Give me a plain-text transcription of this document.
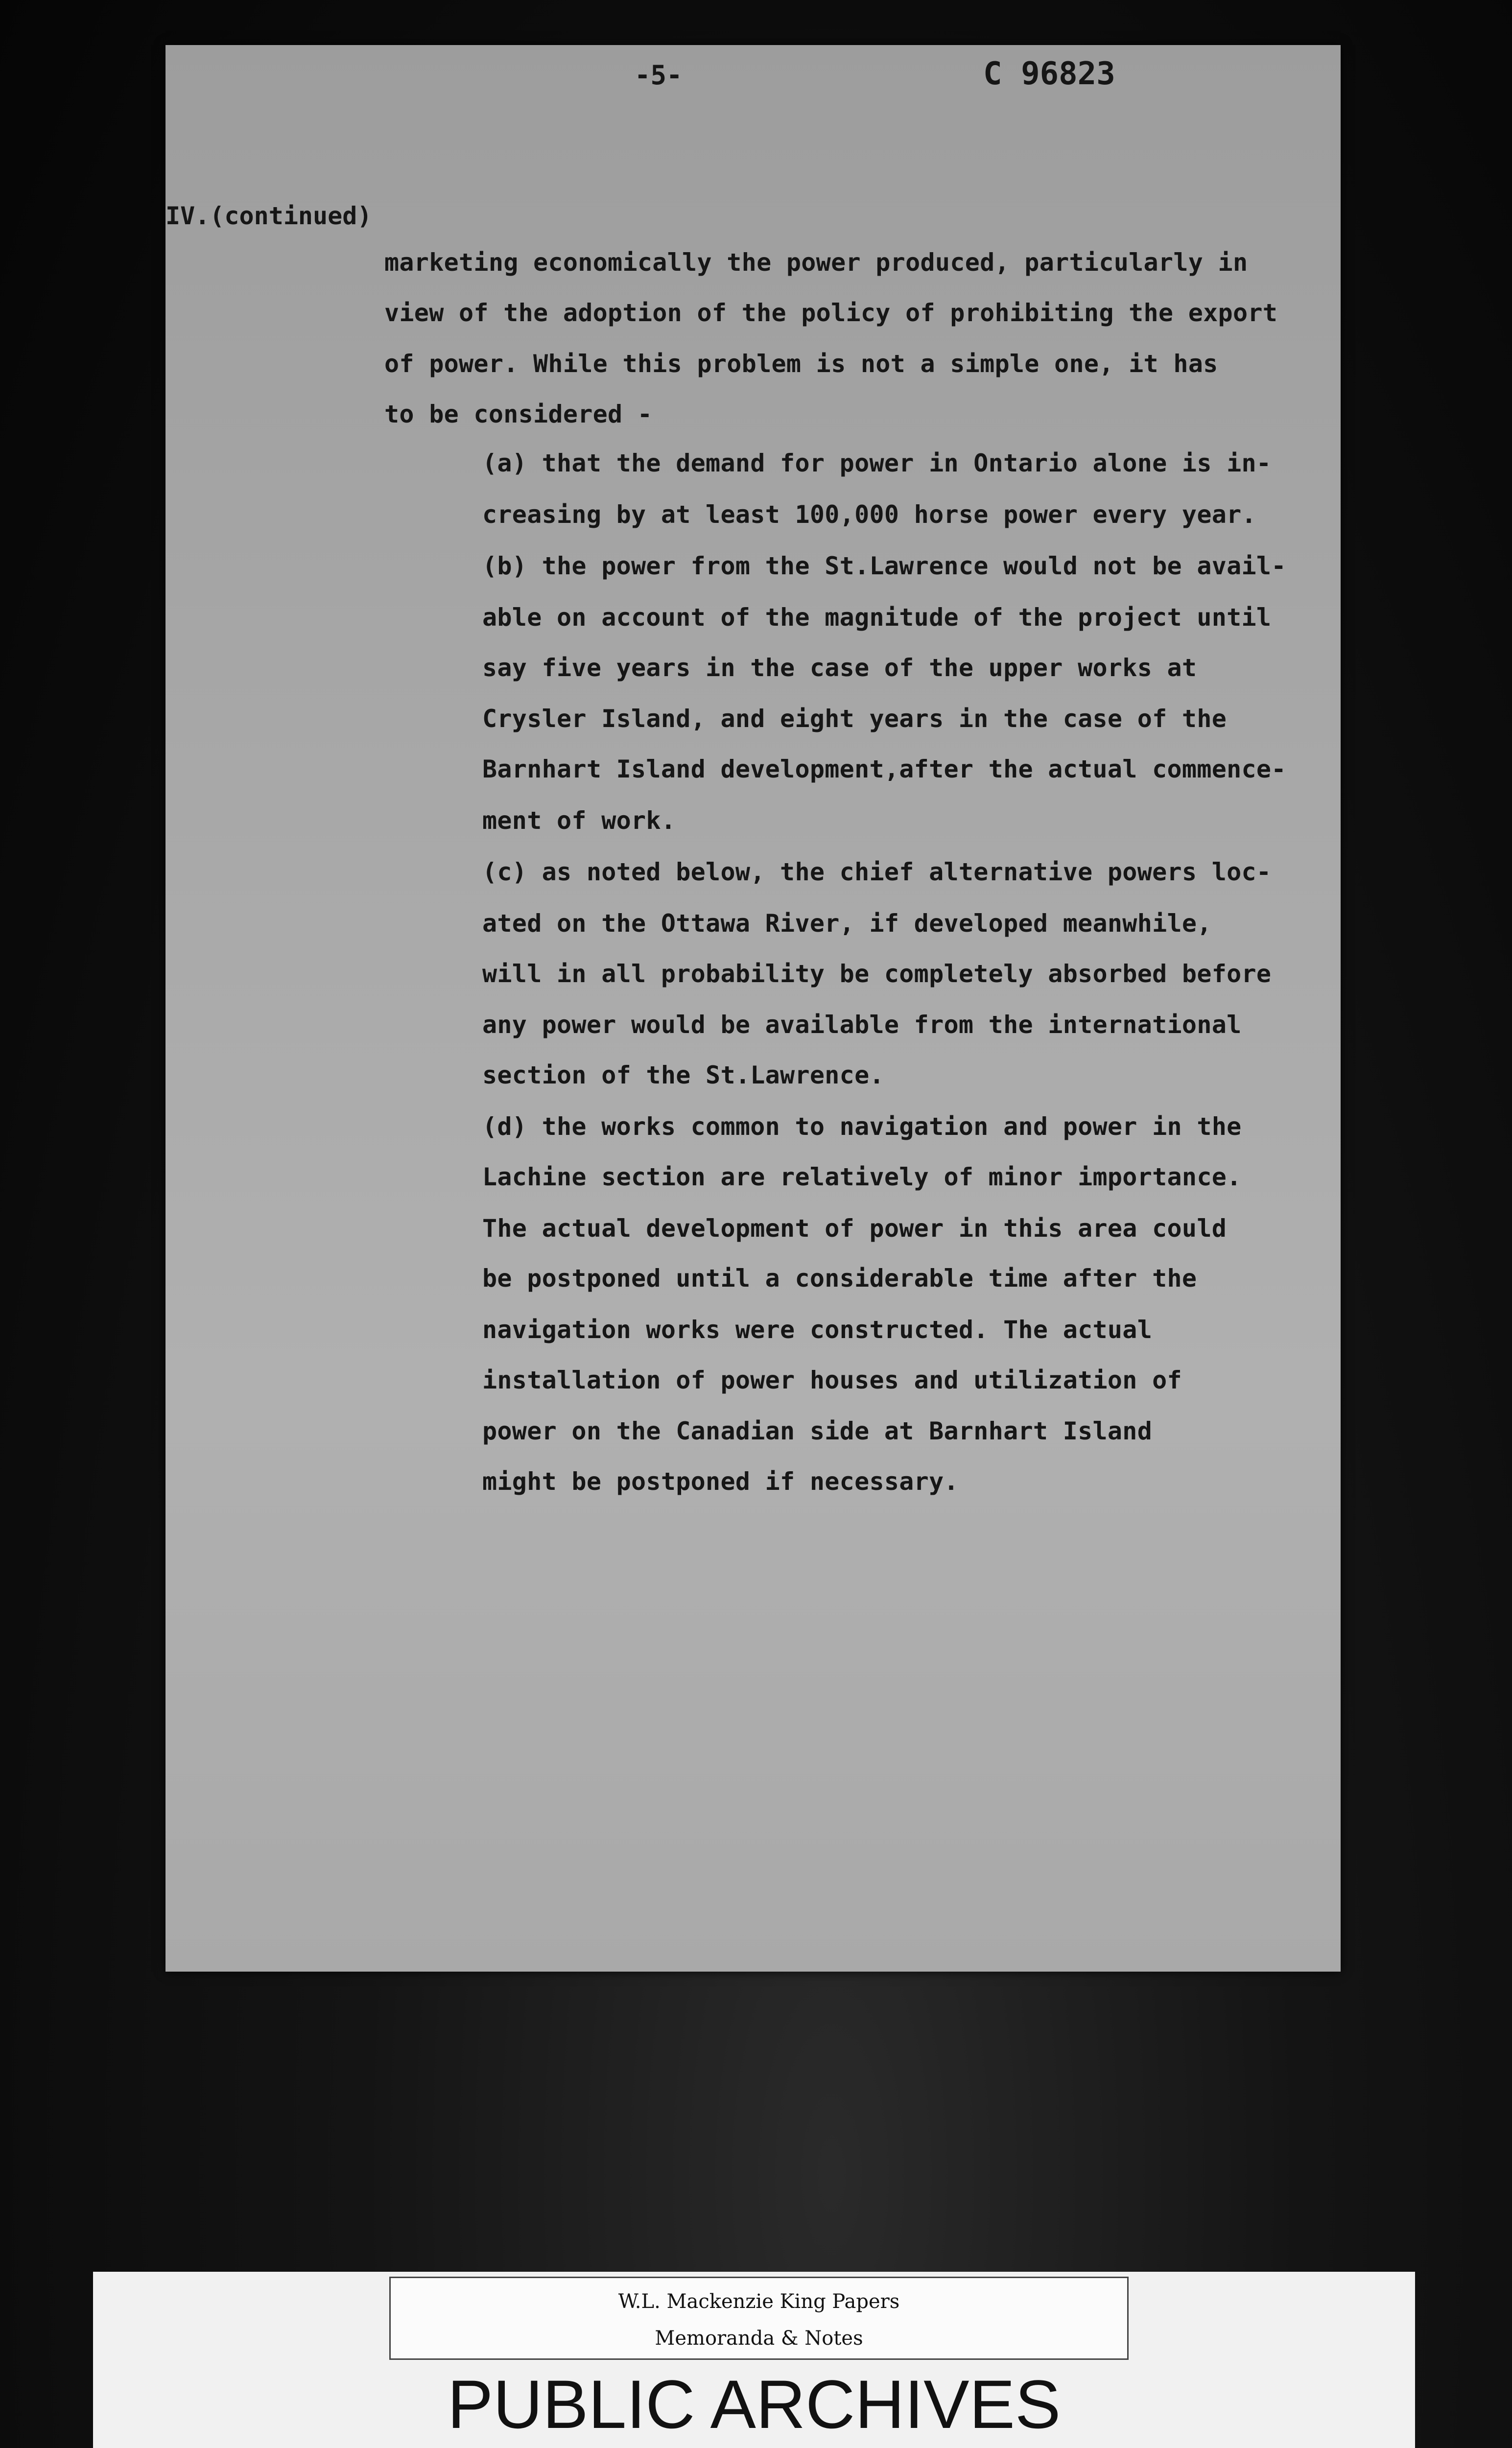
-5-	C 96823
IV.(continued)
marketing economically the power produced, particularly in
view of the adoption of the policy of prohibiting the export
of power. While this problem is not a simple one, it has
to be considered -
(a) that the demand for power in Ontario alone is in-
creasing by at least 100,000 horse power every year.
(b) the power from the St.Lawrence would not be avail-
able on account of the magnitude of the project until
say five years in the case of the upper works at
Crysler Island, and eight years in the case of the
Barnhart Island development,after the actual commence-
ment of work.
(c) as noted below, the chief alternative powers loc-
ated on the Ottawa River, if developed meanwhile,
will in all probability be completely absorbed before
any power would be available from the international
section of the St.Lawrence.
(d) the works common to navigation and power in the
Lachine section are relatively of minor importance.
The actual development of power in this area could
be postponed until a considerable time after the
navigation works were constructed. The actual
installation of power houses and utilization of
power on the Canadian side at Barnhart Island
might be postponed if necessary.
W.L. Mackenzie King Papers
Memoranda & Notes
PUBLIC ARCHIVES
